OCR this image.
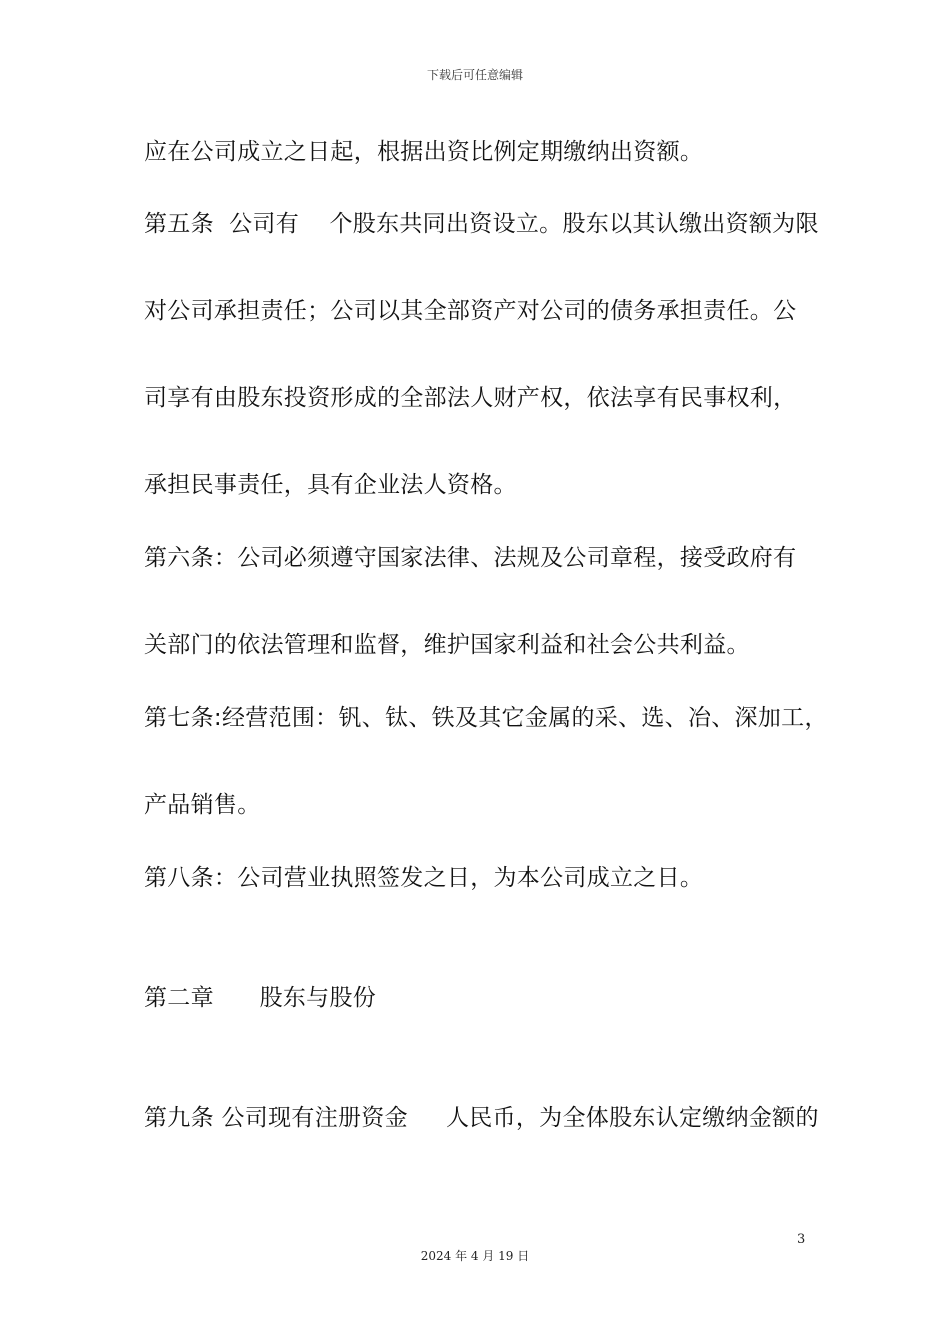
下载后可任意编辑
应在公司成立之日起，根据出资比例定期缴纳出资额。
第五条  公司有    个股东共同出资设立。股东以其认缴出资额为限
对公司承担责任；公司以其全部资产对公司的债务承担责任。公
司享有由股东投资形成的全部法人财产权，依法享有民事权利，
承担民事责任，具有企业法人资格。
第六条：公司必须遵守国家法律、法规及公司章程，接受政府有
关部门的依法管理和监督，维护国家利益和社会公共利益。
第七条:经营范围：钒、钛、铁及其它金属的采、选、冶、深加工，
产品销售。
第八条：公司营业执照签发之日，为本公司成立之日。
第二章      股东与股份
第九条 公司现有注册资金     人民币，为全体股东认定缴纳金额的
3
2024 年 4 月 19 日
